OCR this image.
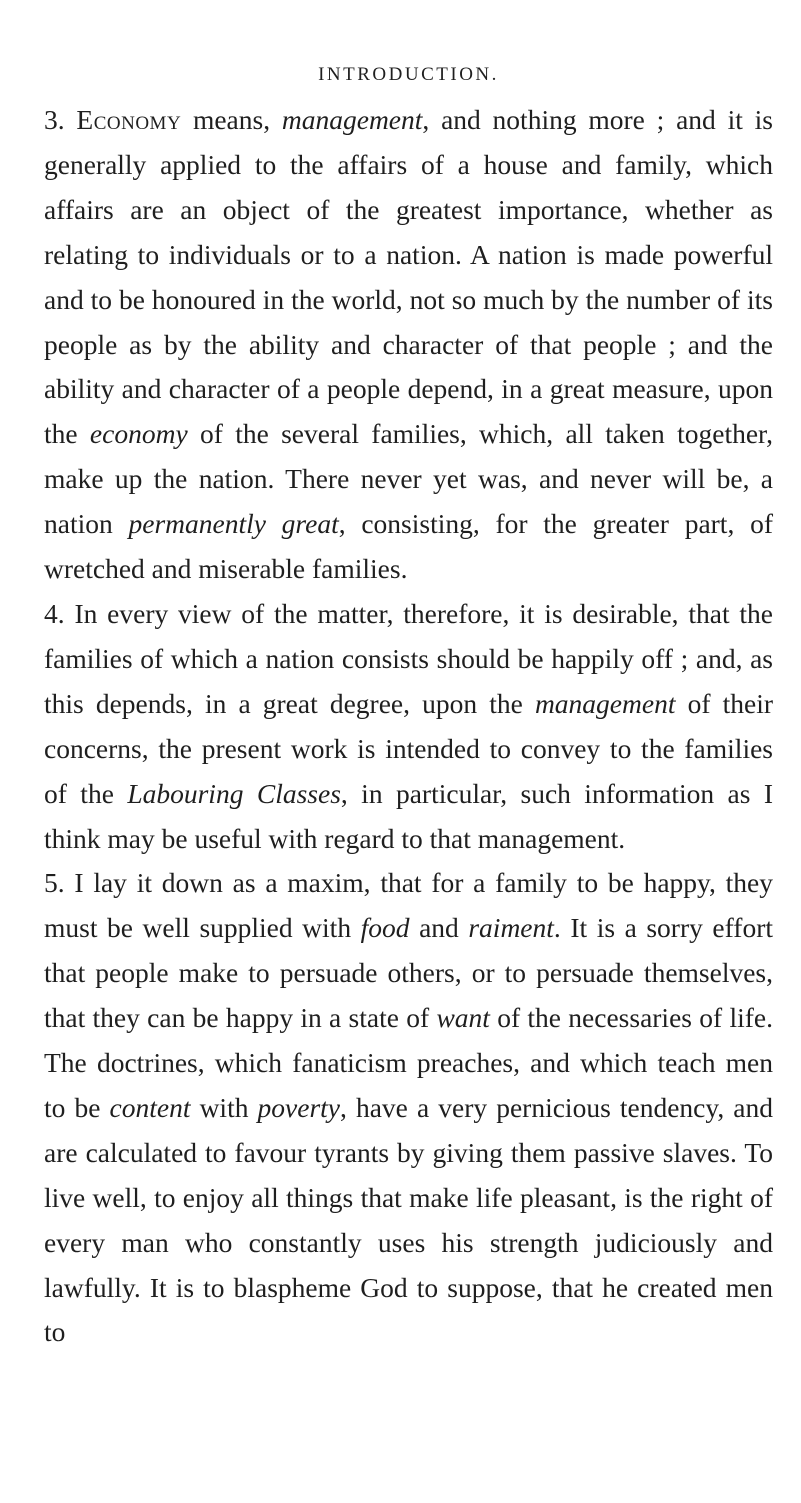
INTRODUCTION.

3. Economy means, management, and nothing more ; and it is generally applied to the affairs of a house and family, which affairs are an object of the greatest importance, whether as relating to individuals or to a nation. A nation is made powerful and to be honoured in the world, not so much by the number of its people as by the ability and character of that people ; and the ability and character of a people depend, in a great measure, upon the economy of the several families, which, all taken together, make up the nation. There never yet was, and never will be, a nation permanently great, consisting, for the greater part, of wretched and miserable families.

4. In every view of the matter, therefore, it is desirable, that the families of which a nation consists should be happily off ; and, as this depends, in a great degree, upon the management of their concerns, the present work is intended to convey to the families of the Labouring Classes, in particular, such information as I think may be useful with regard to that management.

5. I lay it down as a maxim, that for a family to be happy, they must be well supplied with food and raiment. It is a sorry effort that people make to persuade others, or to persuade themselves, that they can be happy in a state of want of the necessaries of life. The doctrines, which fanaticism preaches, and which teach men to be content with poverty, have a very pernicious tendency, and are calculated to favour tyrants by giving them passive slaves. To live well, to enjoy all things that make life pleasant, is the right of every man who constantly uses his strength judiciously and lawfully. It is to blaspheme God to suppose, that he created men to
